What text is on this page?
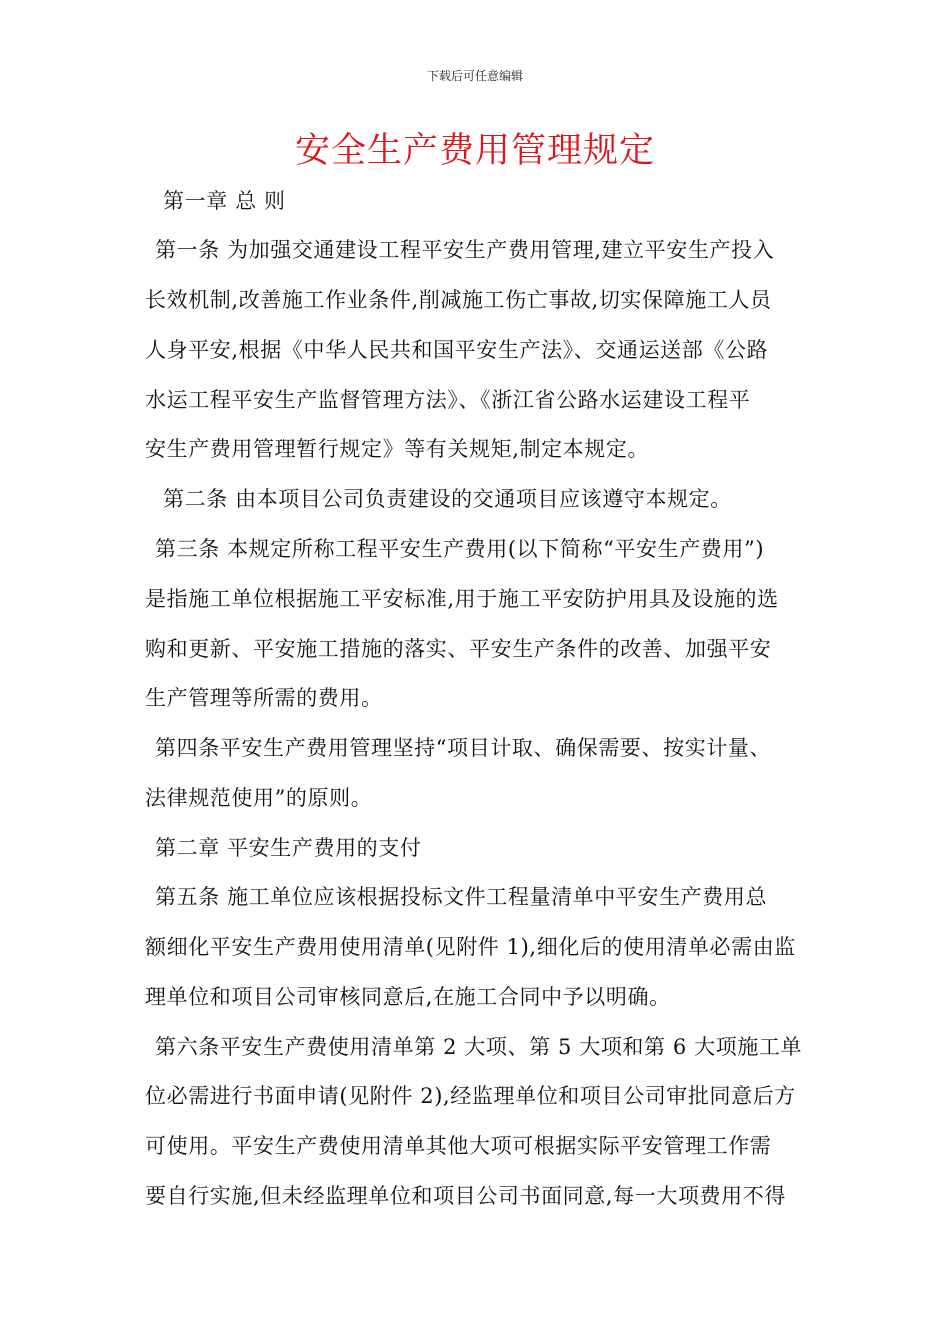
下载后可任意编辑
安全生产费用管理规定
第一章 总 则
第一条 为加强交通建设工程平安生产费用管理,建立平安生产投入
长效机制,改善施工作业条件,削减施工伤亡事故,切实保障施工人员
人身平安,根据《中华人民共和国平安生产法》、交通运送部《公路
水运工程平安生产监督管理方法》、《浙江省公路水运建设工程平
安生产费用管理暂行规定》等有关规矩,制定本规定。
第二条 由本项目公司负责建设的交通项目应该遵守本规定。
第三条 本规定所称工程平安生产费用(以下简称“平安生产费用”)
是指施工单位根据施工平安标准,用于施工平安防护用具及设施的选
购和更新、平安施工措施的落实、平安生产条件的改善、加强平安
生产管理等所需的费用。
第四条平安生产费用管理坚持“项目计取、确保需要、按实计量、
法律规范使用”的原则。
第二章 平安生产费用的支付
第五条 施工单位应该根据投标文件工程量清单中平安生产费用总
额细化平安生产费用使用清单(见附件 1),细化后的使用清单必需由监
理单位和项目公司审核同意后,在施工合同中予以明确。
第六条平安生产费使用清单第 2 大项、第 5 大项和第 6 大项施工单
位必需进行书面申请(见附件 2),经监理单位和项目公司审批同意后方
可使用。平安生产费使用清单其他大项可根据实际平安管理工作需
要自行实施,但未经监理单位和项目公司书面同意,每一大项费用不得
